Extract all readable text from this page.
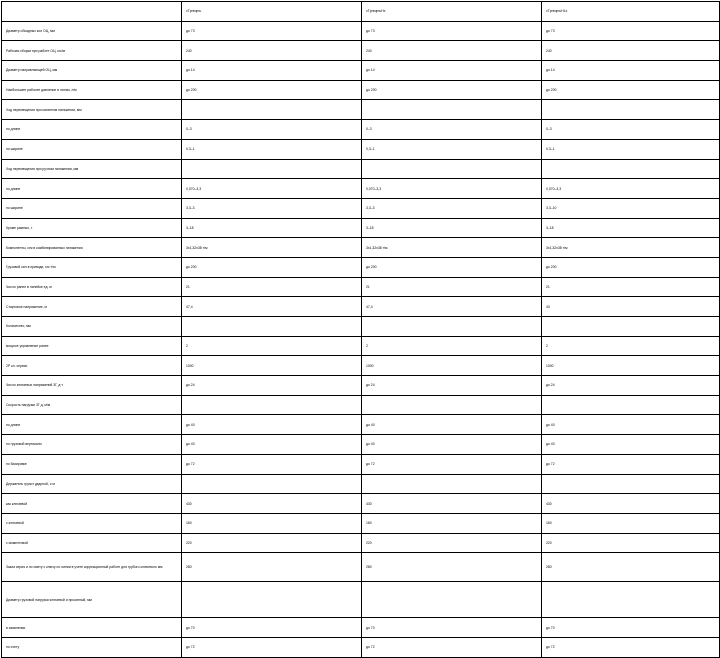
	xTpreqmu	xTpreqmuHx	xTpreqmuHLx
Диаметр обсадных кол ОЦ, мм	до 73	до 73	до 73
Рабочая сборки при работе ОЦ, кгс/м	240	240	240
Диаметр направляющей ОЦ, мм	до 14	до 14	до 14
Наибольшее рабочее давление в линии, л/м	до 200	до 200	до 200
Ход перемещения при канатном натяжении, мм			
по длине	0–3	0–3	0–3
по ширине	0,3–1	0,3–1	0,3–1
Ход перемещения при ручном натяжении, мм			
по длине	0,070–3,3	0,070–3,3	0,070–3,3
по ширине	3,3–3	3,3–3	3,3–10
Кроме рамных, т	3–18	3–18	3–18
Компоненты, сек в комбинированных натяжения	3х1,32х38 т/м	3х1,32х38 т/м	3х1,32х38 т/м
Грузовой сил в приводе, кгс·т/м	до 200	до 200	до 200
Число ранее в линейке ед. м	21	21	21
Стартовое напряжение, м	47,4	47,4	43
Количество, мм			
мощное управление ранее	2	2	2
2Р кл. сервис	1000	1000	1000
Число ключевых напряжений 3Г, д·т	до 24	до 24	до 24
Скорость нагрузки 3Г д, м/м			
по длине	до 40	до 40	до 40
по грузовой вертикали	до 40	до 40	до 40
по базировке	до 72	до 72	до 72
Держатель грузит ударной, с·м			
как ключевой	430	430	430
с ключевой	160	160	160
с моментовой	220	220	220
Заказ серия и по смету с ключу по линии в учете коррекционный работе для грубого ключевого мм	280	280	280
Диаметр грузовой нагрузки ключевой и прокатный, мм			
в заявлении	до 70	до 70	до 70
по счету	до 72	до 72	до 72
